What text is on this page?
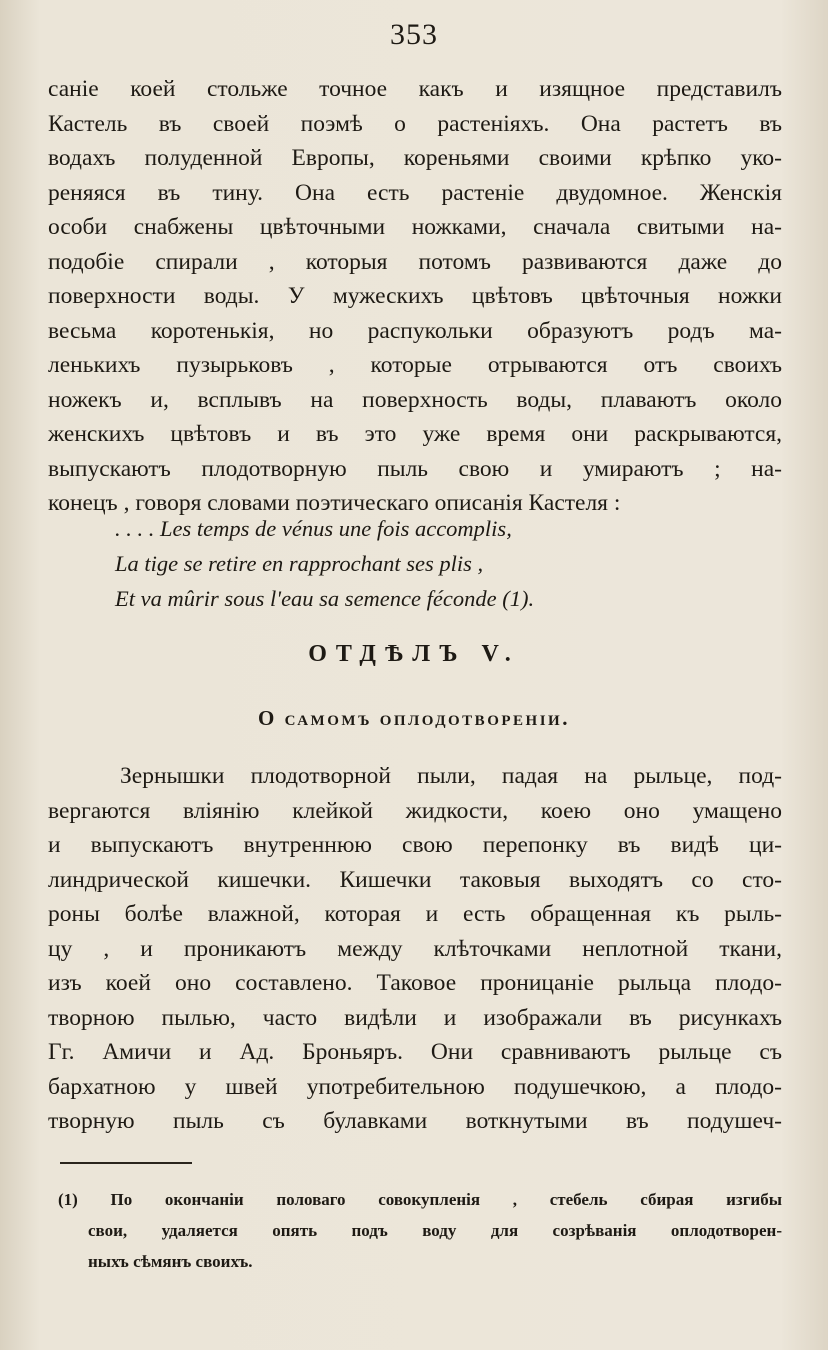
353
саніе коей стольже точное какъ и изящное представилъ
Кастель въ своей поэмѣ о растеніяхъ. Она растетъ въ
водахъ полуденной Европы, кореньями своими крѣпко уко-
реняяся въ тину. Она есть растеніе двудомное. Женскія
особи снабжены цвѣточными ножками, сначала свитыми на-
подобіе спирали , которыя потомъ развиваются даже до
поверхности воды. У мужескихъ цвѣтовъ цвѣточныя ножки
весьма коротенькія, но распукольки образуютъ родъ ма-
ленькихъ пузырьковъ , которые отрываются отъ своихъ
ножекъ и, всплывъ на поверхность воды, плаваютъ около
женскихъ цвѣтовъ и въ это уже время они раскрываются,
выпускаютъ плодотворную пыль свою и умираютъ ; на-
конецъ , говоря словами поэтическаго описанія Кастеля :
. . . . Les temps de vénus une fois accomplis,
La tige se retire en rapprochant ses plis ,
Et va mûrir sous l'eau sa semence féconde (1).
ОТДѢЛЪ V.
О самомъ оплодотвореніи.
Зернышки плодотворной пыли, падая на рыльце, под-
вергаются вліянію клейкой жидкости, коею оно умащено
и выпускаютъ внутреннюю свою перепонку въ видѣ ци-
линдрической кишечки. Кишечки таковыя выходятъ со сто-
роны болѣе влажной, которая и есть обращенная къ рыль-
цу , и проникаютъ между клѣточками неплотной ткани,
изъ коей оно составлено. Таковое проницаніе рыльца плодо-
творною пылью, часто видѣли и изображали въ рисункахъ
Гг. Амичи и Ад. Броньяръ. Они сравниваютъ рыльце съ
бархатною у швей употребительною подушечкою, а плодо-
творную пыль съ булавками воткнутыми въ подушеч-
(1) По окончаніи половаго совокупленія , стебель сбирая изгибы
свои, удаляется опять подъ воду для созрѣванія оплодотворен-
ныхъ сѣмянъ своихъ.
